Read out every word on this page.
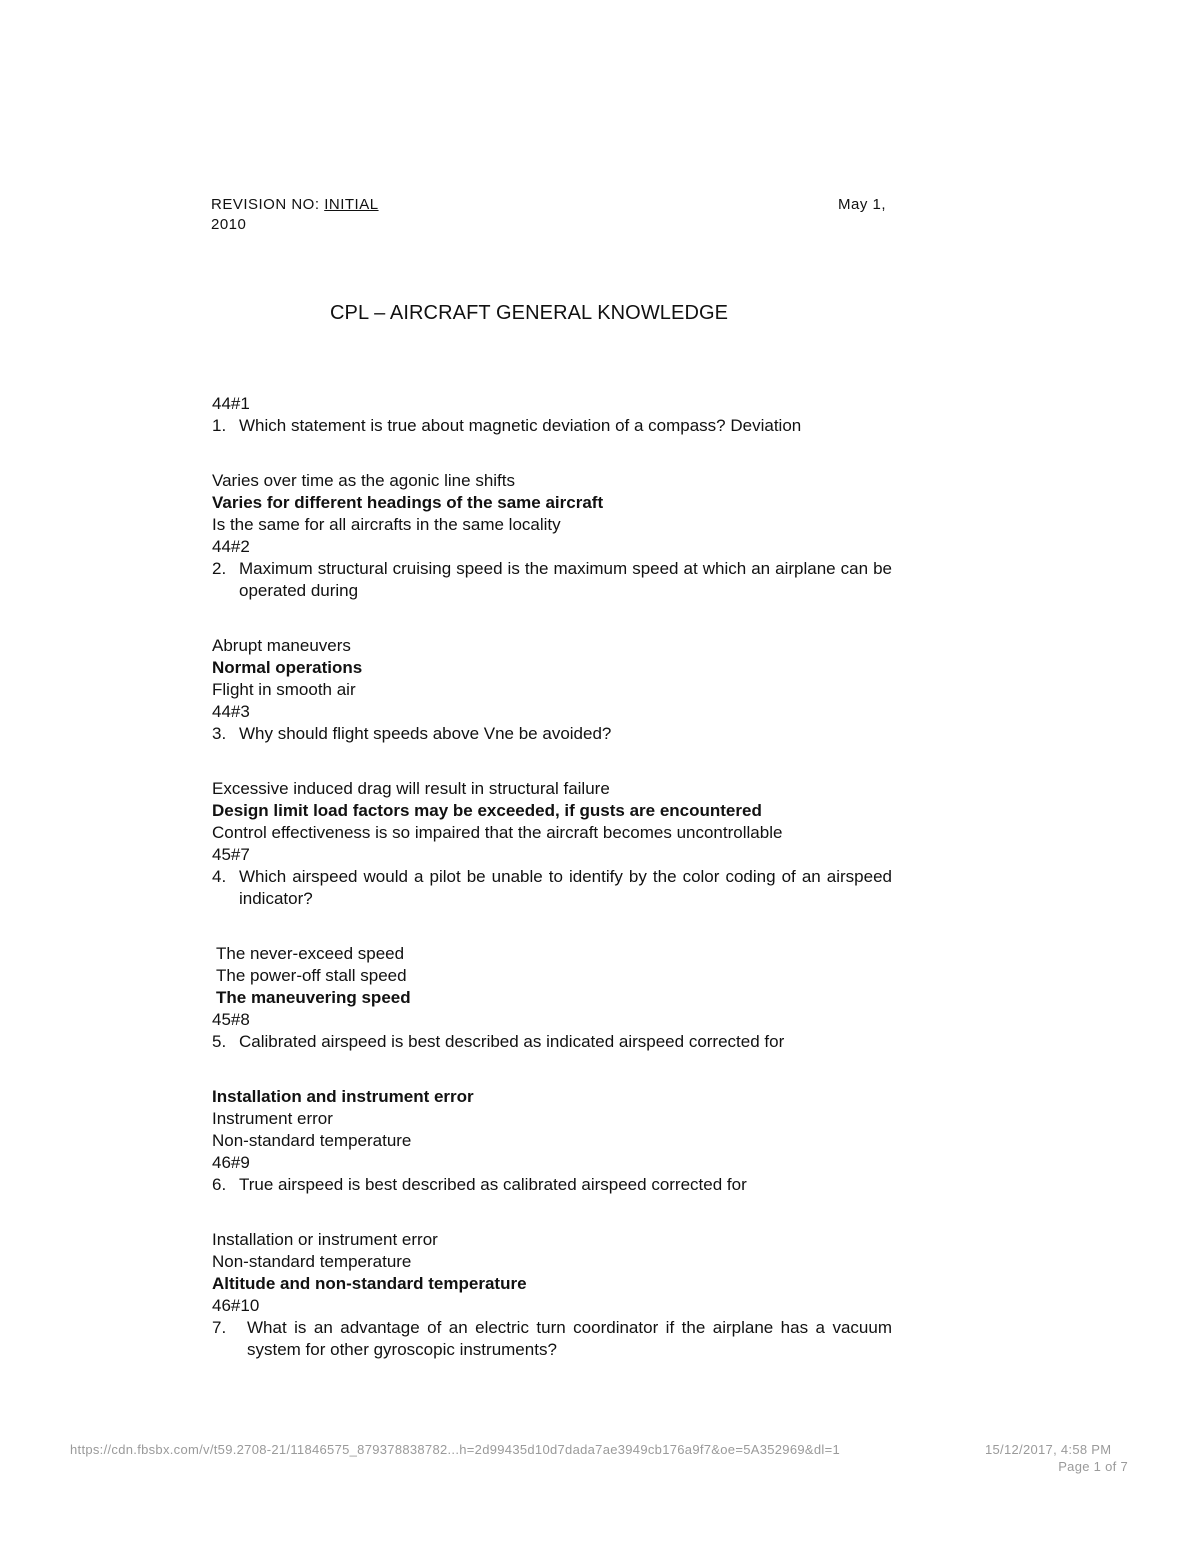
REVISION NO: INITIAL	May 1,
2010
CPL – AIRCRAFT GENERAL KNOWLEDGE
44#1
1. Which statement is true about magnetic deviation of a compass? Deviation
Varies over time as the agonic line shifts
Varies for different headings of the same aircraft
Is the same for all aircrafts in the same locality
44#2
2. Maximum structural cruising speed is the maximum speed at which an airplane can be operated during
Abrupt maneuvers
Normal operations
Flight in smooth air
44#3
3. Why should flight speeds above Vne be avoided?
Excessive induced drag will result in structural failure
Design limit load factors may be exceeded, if gusts are encountered
Control effectiveness is so impaired that the aircraft becomes uncontrollable
45#7
4. Which airspeed would a pilot be unable to identify by the color coding of an airspeed indicator?
The never-exceed speed
The power-off stall speed
The maneuvering speed
45#8
5. Calibrated airspeed is best described as indicated airspeed corrected for
Installation and instrument error
Instrument error
Non-standard temperature
46#9
6. True airspeed is best described as calibrated airspeed corrected for
Installation or instrument error
Non-standard temperature
Altitude and non-standard temperature
46#10
7.	What is an advantage of an electric turn coordinator if the airplane has a vacuum system for other gyroscopic instruments?
https://cdn.fbsbx.com/v/t59.2708-21/11846575_879378838782...h=2d99435d10d7dada7ae3949cb176a9f7&oe=5A352969&dl=1	15/12/2017, 4:58 PM
Page 1 of 7
